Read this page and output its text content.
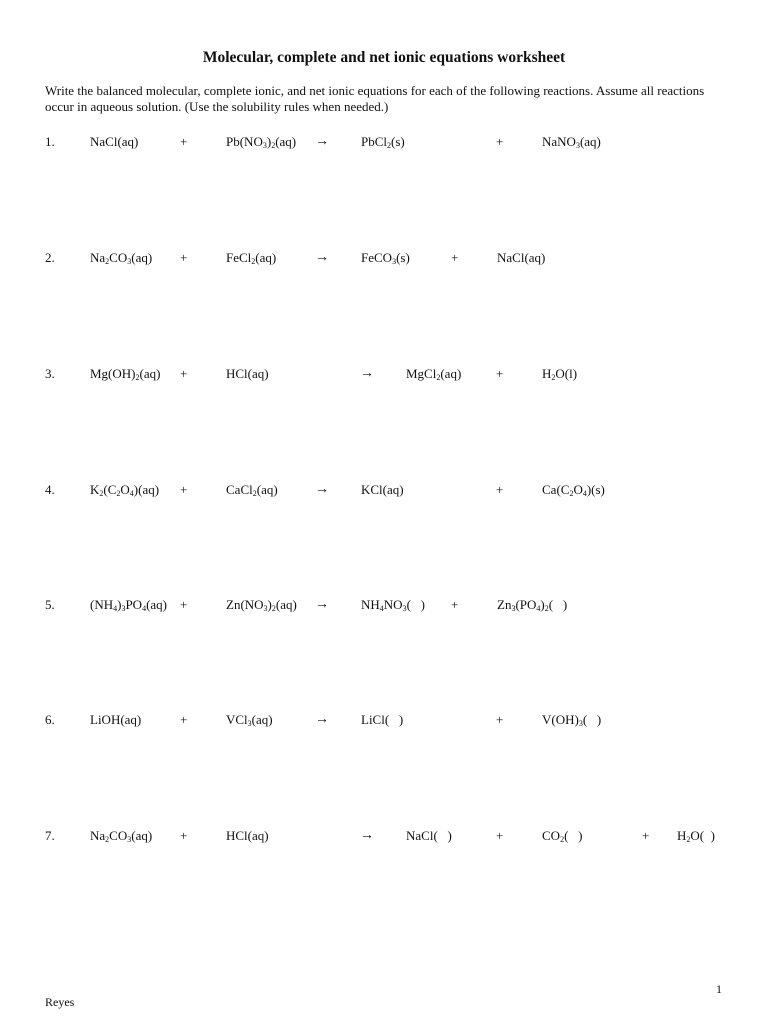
Molecular, complete and net ionic equations worksheet
Write the balanced molecular, complete ionic, and net ionic equations for each of the following reactions. Assume all reactions occur in aqueous solution. (Use the solubility rules when needed.)
1.	NaCl(aq)	+	$Pb(NO_3)_2(aq)$ → PbCl$_2$(s)	+	NaNO$_3$(aq)
2.	$Na_2CO_3(aq)$ +	FeCl$_2$(aq)	→ FeCO$_3$(s)	+	NaCl(aq)
3.	$Mg(OH)_2(aq)$ +	HCl(aq)	→ MgCl$_2$(aq)	+	$H_2O(l)$
4.	$K_2(C_2O_4)(aq)$ +	CaCl$_2$(aq)	→ KCl(aq)	+	$Ca(C_2O_4)(s)$
5.	$(NH_4)_3PO_4(aq)$ +	$Zn(NO_3)_2(aq) \to NH_4NO_3$(   ) +	$Zn_3(PO_4)_2$(   )
6.	LiOH(aq)	+	VCl$_3$(aq)	→ LiCl(   )	+	$V(OH)_3$(   )
7.	$Na_2CO_3(aq)$ +	HCl(aq)	→ NaCl(   )	+	$CO_2$(   )	+ $H_2O$(  )
1
Reyes
